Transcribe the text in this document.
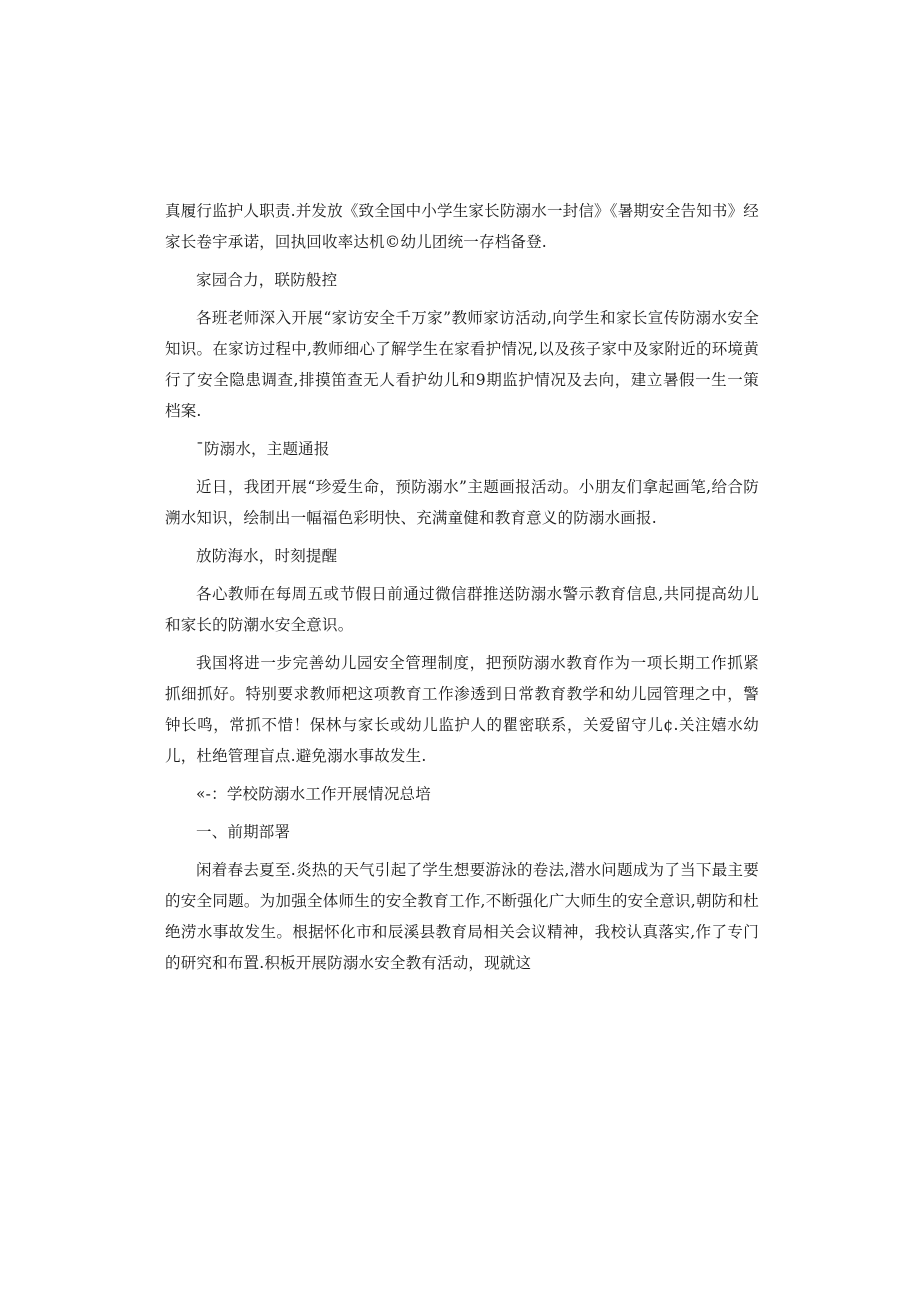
真履行监护人职责.并发放《致全国中小学生家长防溺水一封信》《暑期安全告知书》经家长卷宇承诺，回执回收率达机©幼儿团统一存档备登.

家园合力，联防般控

各班老师深入开展“家访安全千万家”教师家访活动,向学生和家长宣传防溺水安全知识。在家访过程中,教师细心了解学生在家看护情况,以及孩子家中及家附近的环境黄行了安全隐患调查,排摸笛查无人看护幼儿和9期监护情况及去向，建立暑假一生一策档案.

ˉ防溺水，主题通报

近日，我团开展“珍爱生命，预防溺水”主题画报活动。小朋友们拿起画笔,给合防溯水知识，绘制出一幅福色彩明快、充满童健和教育意义的防溺水画报.

放防海水，时刻提醒

各心教师在每周五或节假日前通过微信群推送防溺水警示教育信息,共同提高幼儿和家长的防潮水安全意识。

我国将进一步完善幼儿园安全管理制度，把预防溺水教育作为一项长期工作抓紧抓细抓好。特别要求教师杷这项教育工作渗透到日常教育教学和幼儿园管理之中，警钟长鸣，常抓不惜！保林与家长或幼儿监护人的瞿密联系，关爱留守儿¢.关注嬉水幼儿，杜绝管理盲点.避免溺水事故发生.

«-：学校防溺水工作开展情况总培

一、前期部署

闲着春去夏至.炎热的天气引起了学生想要游泳的卷法,潜水问题成为了当下最主要的安全同题。为加强全体师生的安全教育工作,不断强化广大师生的安全意识,朝防和杜绝涝水事故发生。根据怀化市和辰溪县教育局相关会议精神，我校认真落实,作了专门的研究和布置.积板开展防溺水安全教有活动，现就这
